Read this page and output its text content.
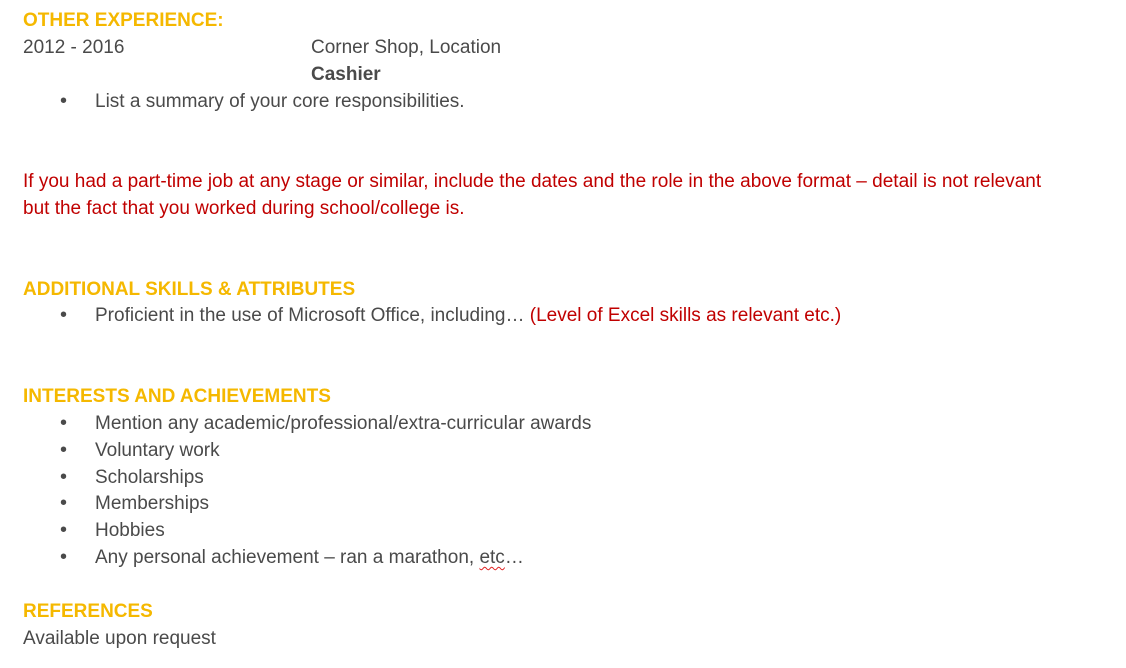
OTHER EXPERIENCE:
2012 - 2016	Corner Shop, Location
Cashier
• List a summary of your core responsibilities.
If you had a part-time job at any stage or similar, include the dates and the role in the above format – detail is not relevant
but the fact that you worked during school/college is.
ADDITIONAL SKILLS & ATTRIBUTES
• Proficient in the use of Microsoft Office, including… (Level of Excel skills as relevant etc.)
INTERESTS AND ACHIEVEMENTS
• Mention any academic/professional/extra-curricular awards
• Voluntary work
• Scholarships
• Memberships
• Hobbies
• Any personal achievement – ran a marathon, etc…
REFERENCES
Available upon request
